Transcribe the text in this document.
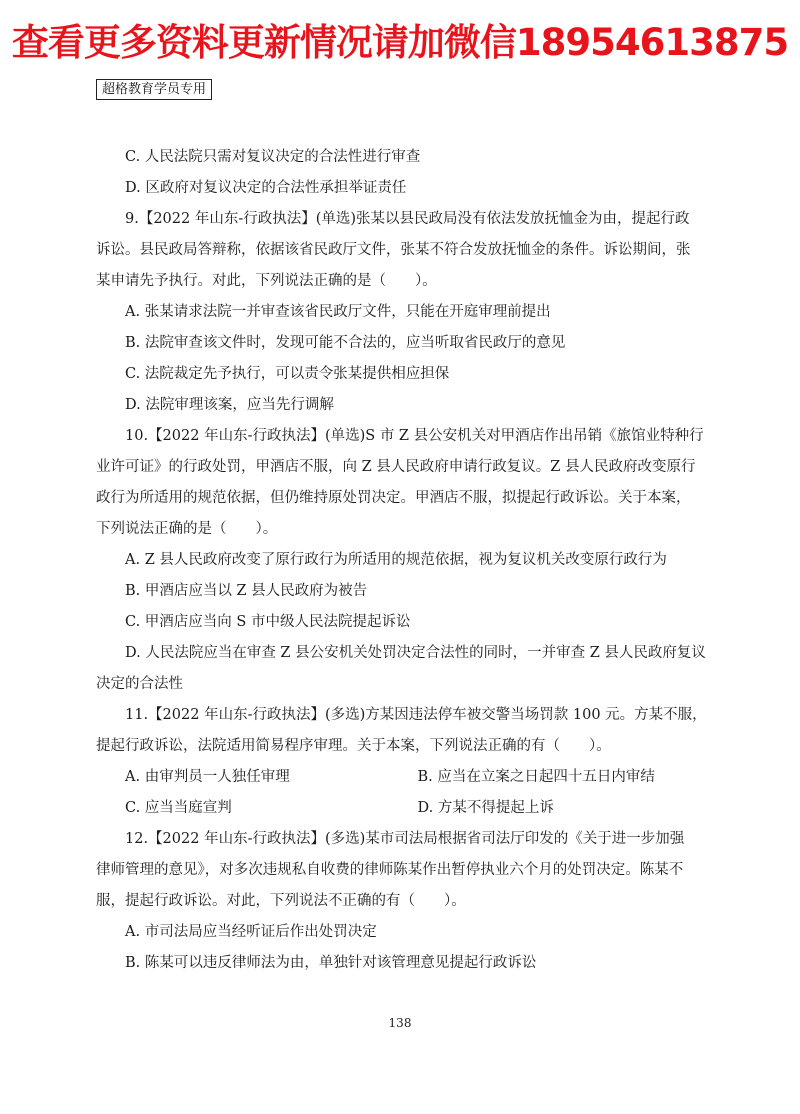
查看更多资料更新情况请加微信18954613875
超格教育学员专用

C. 人民法院只需对复议决定的合法性进行审查

D. 区政府对复议决定的合法性承担举证责任

9.【2022 年山东-行政执法】(单选)张某以县民政局没有依法发放抚恤金为由，提起行政

诉讼。县民政局答辩称，依据该省民政厅文件，张某不符合发放抚恤金的条件。诉讼期间，张

某申请先予执行。对此，下列说法正确的是（　　）。

A. 张某请求法院一并审查该省民政厅文件，只能在开庭审理前提出

B. 法院审查该文件时，发现可能不合法的，应当听取省民政厅的意见

C. 法院裁定先予执行，可以责令张某提供相应担保

D. 法院审理该案，应当先行调解

10.【2022 年山东-行政执法】(单选)S 市 Z 县公安机关对甲酒店作出吊销《旅馆业特种行

业许可证》的行政处罚，甲酒店不服，向 Z 县人民政府申请行政复议。Z 县人民政府改变原行

政行为所适用的规范依据，但仍维持原处罚决定。甲酒店不服，拟提起行政诉讼。关于本案，

下列说法正确的是（　　）。

A. Z 县人民政府改变了原行政行为所适用的规范依据，视为复议机关改变原行政行为

B. 甲酒店应当以 Z 县人民政府为被告

C. 甲酒店应当向 S 市中级人民法院提起诉讼

D. 人民法院应当在审查 Z 县公安机关处罚决定合法性的同时，一并审查 Z 县人民政府复议

决定的合法性

11.【2022 年山东-行政执法】(多选)方某因违法停车被交警当场罚款 100 元。方某不服，

提起行政诉讼，法院适用简易程序审理。关于本案，下列说法正确的有（　　）。

A. 由审判员一人独任审理	B. 应当在立案之日起四十五日内审结
C. 应当当庭宣判	D. 方某不得提起上诉

12.【2022 年山东-行政执法】(多选)某市司法局根据省司法厅印发的《关于进一步加强

律师管理的意见》，对多次违规私自收费的律师陈某作出暂停执业六个月的处罚决定。陈某不

服，提起行政诉讼。对此，下列说法不正确的有（　　）。

A. 市司法局应当经听证后作出处罚决定

B. 陈某可以违反律师法为由，单独针对该管理意见提起行政诉讼

138
